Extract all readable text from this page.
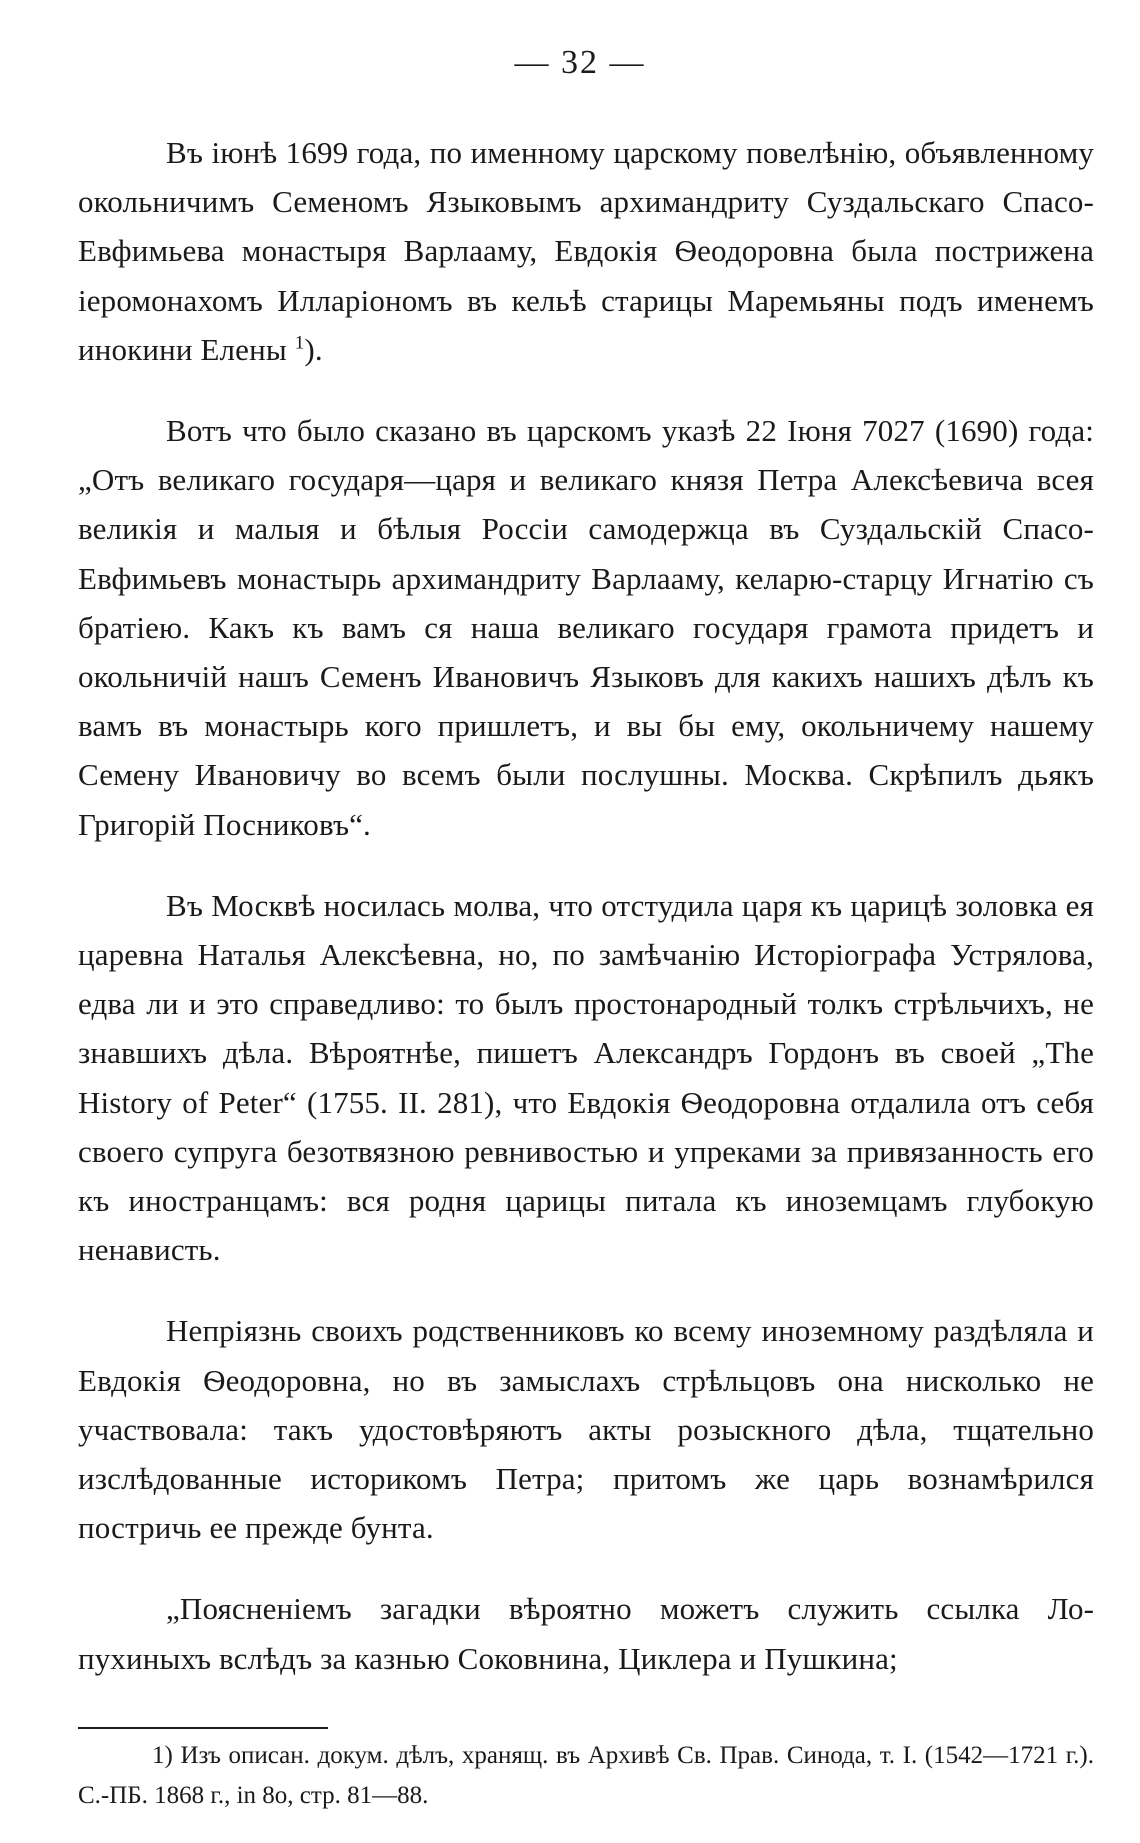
— 32 —

Въ іюнѣ 1699 года, по именному царскому повелѣнію, объявленному окольничимъ Семеномъ Языковымъ архимандриту Суздальскаго Спасо-Евфимьева монастыря Варлааму, Евдокія Ѳеодоровна была пострижена іеромонахомъ Илларіономъ въ кельѣ старицы Маремьяны подъ именемъ инокини Елены $^1$).

Вотъ что было сказано въ царскомъ указѣ 22 Іюня 7027 (1690) года: „Отъ великаго государя—царя и великаго князя Петра Алексѣевича всея великія и малыя и бѣлыя Россіи самодержца въ Суздальскій Спасо-Евфимьевъ монастырь архимандриту Варлааму, келарю-старцу Игнатію съ братіею. Какъ къ вамъ ся наша великаго государя грамота придетъ и окольничій нашъ Семенъ Ивановичъ Языковъ для какихъ нашихъ дѣлъ къ вамъ въ монастырь кого пришлетъ, и вы бы ему, окольничему нашему Семену Ивановичу во всемъ были послушны. Москва. Скрѣпилъ дьякъ Григорій Посниковъ“.

Въ Москвѣ носилась молва, что отстудила царя къ царицѣ золовка ея царевна Наталья Алексѣевна, но, по замѣчанію Исторіографа Устрялова, едва ли и это справедливо: то былъ простонародный толкъ стрѣльчихъ, не знавшихъ дѣла. Вѣроятнѣе, пишетъ Александръ Гордонъ въ своей „The History of Peter“ (1755. II. 281), что Евдокія Ѳеодоровна отдалила отъ себя своего супруга безотвязною ревнивостью и упреками за привязанность его къ иностранцамъ: вся родня царицы питала къ иноземцамъ глубокую ненависть.

Непріязнь своихъ родственниковъ ко всему иноземному раздѣляла и Евдокія Ѳеодоровна, но въ замыслахъ стрѣльцовъ она нисколько не участвовала: такъ удостовѣряютъ акты розыскного дѣла, тщательно изслѣдованные историкомъ Петра; притомъ же царь вознамѣрился постричь ее прежде бунта.

„Поясненіемъ загадки вѣроятно можетъ служить ссылка Лопухиныхъ вслѣдъ за казнью Соковнина, Циклера и Пушкина;

1) Изъ описан. докум. дѣлъ, хранящ. въ Архивѣ Св. Прав. Синода, т. I. (1542—1721 г.). С.-ПБ. 1868 г., in 8o, стр. 81—88.
